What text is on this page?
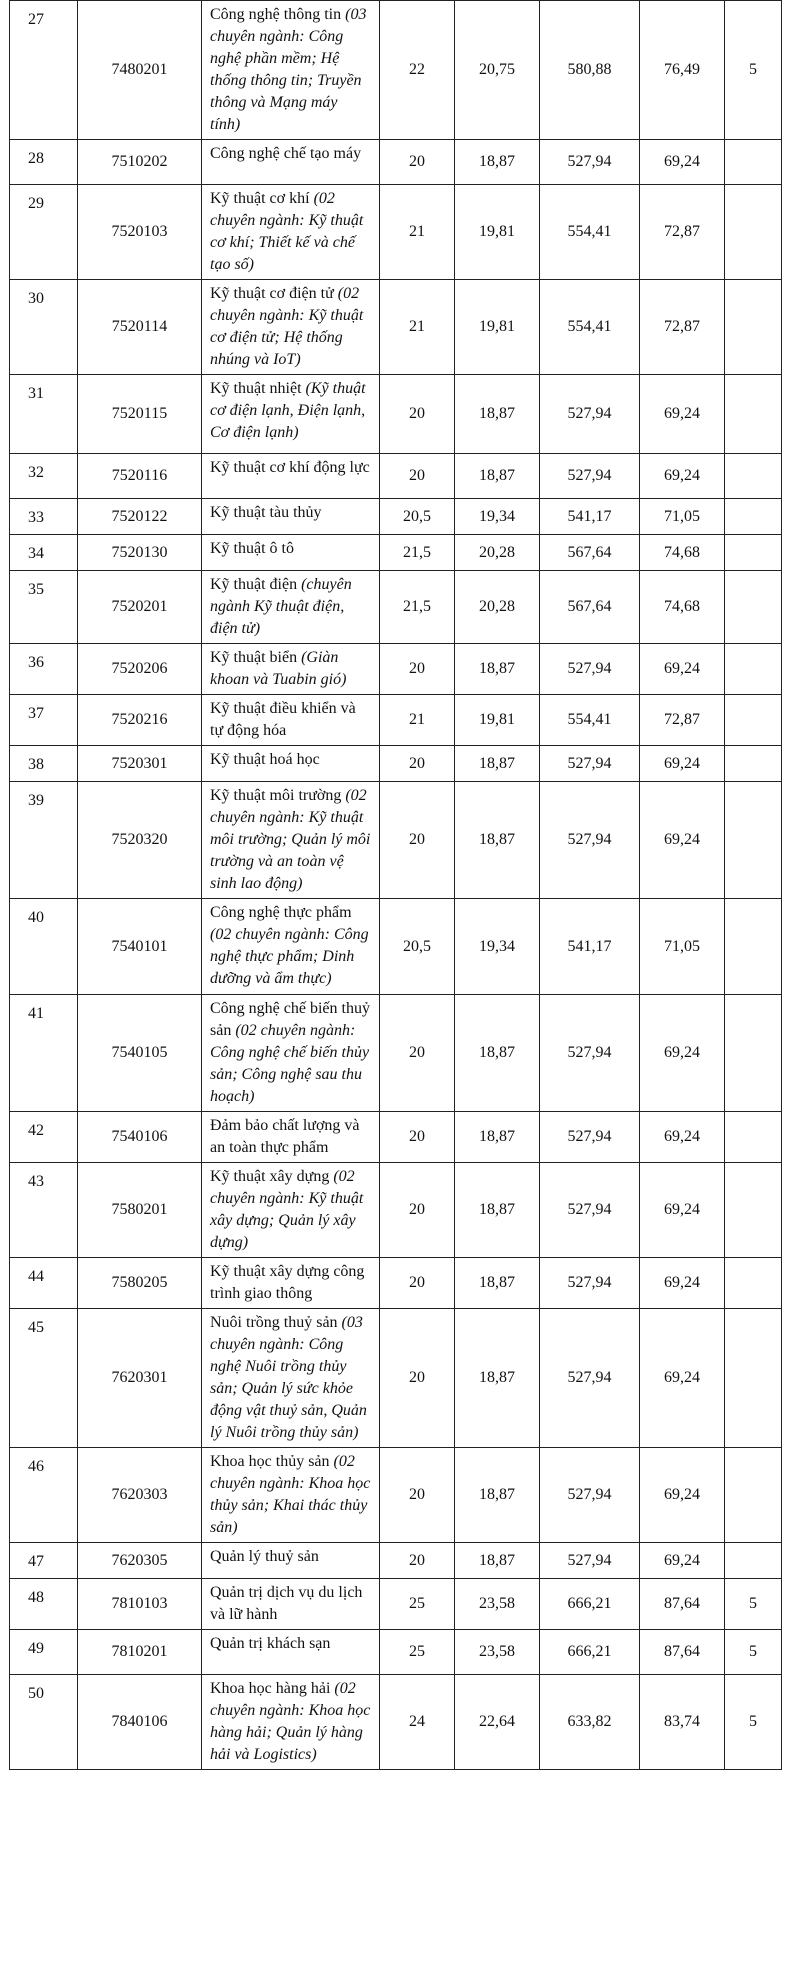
27	7480201	Công nghệ thông tin (03 chuyên ngành: Công nghệ phần mềm; Hệ thống thông tin; Truyền thông và Mạng máy tính)	22	20,75	580,88	76,49	5
28	7510202	Công nghệ chế tạo máy	20	18,87	527,94	69,24	
29	7520103	Kỹ thuật cơ khí (02 chuyên ngành: Kỹ thuật cơ khí; Thiết kế và chế tạo số)	21	19,81	554,41	72,87	
30	7520114	Kỹ thuật cơ điện tử (02 chuyên ngành: Kỹ thuật cơ điện tử; Hệ thống nhúng và IoT)	21	19,81	554,41	72,87	
31	7520115	Kỹ thuật nhiệt (Kỹ thuật cơ điện lạnh, Điện lạnh, Cơ điện lạnh)	20	18,87	527,94	69,24	
32	7520116	Kỹ thuật cơ khí động lực	20	18,87	527,94	69,24	
33	7520122	Kỹ thuật tàu thủy	20,5	19,34	541,17	71,05	
34	7520130	Kỹ thuật ô tô	21,5	20,28	567,64	74,68	
35	7520201	Kỹ thuật điện (chuyên ngành Kỹ thuật điện, điện tử)	21,5	20,28	567,64	74,68	
36	7520206	Kỹ thuật biển (Giàn khoan và Tuabin gió)	20	18,87	527,94	69,24	
37	7520216	Kỹ thuật điều khiển và tự động hóa	21	19,81	554,41	72,87	
38	7520301	Kỹ thuật hoá học	20	18,87	527,94	69,24	
39	7520320	Kỹ thuật môi trường (02 chuyên ngành: Kỹ thuật môi trường; Quản lý môi trường và an toàn vệ sinh lao động)	20	18,87	527,94	69,24	
40	7540101	Công nghệ thực phẩm (02 chuyên ngành: Công nghệ thực phẩm; Dinh dưỡng và ẩm thực)	20,5	19,34	541,17	71,05	
41	7540105	Công nghệ chế biến thuỷ sản (02 chuyên ngành: Công nghệ chế biến thủy sản; Công nghệ sau thu hoạch)	20	18,87	527,94	69,24	
42	7540106	Đảm bảo chất lượng và an toàn thực phẩm	20	18,87	527,94	69,24	
43	7580201	Kỹ thuật xây dựng (02 chuyên ngành: Kỹ thuật xây dựng; Quản lý xây dựng)	20	18,87	527,94	69,24	
44	7580205	Kỹ thuật xây dựng công trình giao thông	20	18,87	527,94	69,24	
45	7620301	Nuôi trồng thuỷ sản (03 chuyên ngành: Công nghệ Nuôi trồng thủy sản; Quản lý sức khỏe động vật thuỷ sản, Quản lý Nuôi trồng thủy sản)	20	18,87	527,94	69,24	
46	7620303	Khoa học thủy sản (02 chuyên ngành: Khoa học thủy sản; Khai thác thủy sản)	20	18,87	527,94	69,24	
47	7620305	Quản lý thuỷ sản	20	18,87	527,94	69,24	
48	7810103	Quản trị dịch vụ du lịch và lữ hành	25	23,58	666,21	87,64	5
49	7810201	Quản trị khách sạn	25	23,58	666,21	87,64	5
50	7840106	Khoa học hàng hải (02 chuyên ngành: Khoa học hàng hải; Quản lý hàng hải và Logistics)	24	22,64	633,82	83,74	5
